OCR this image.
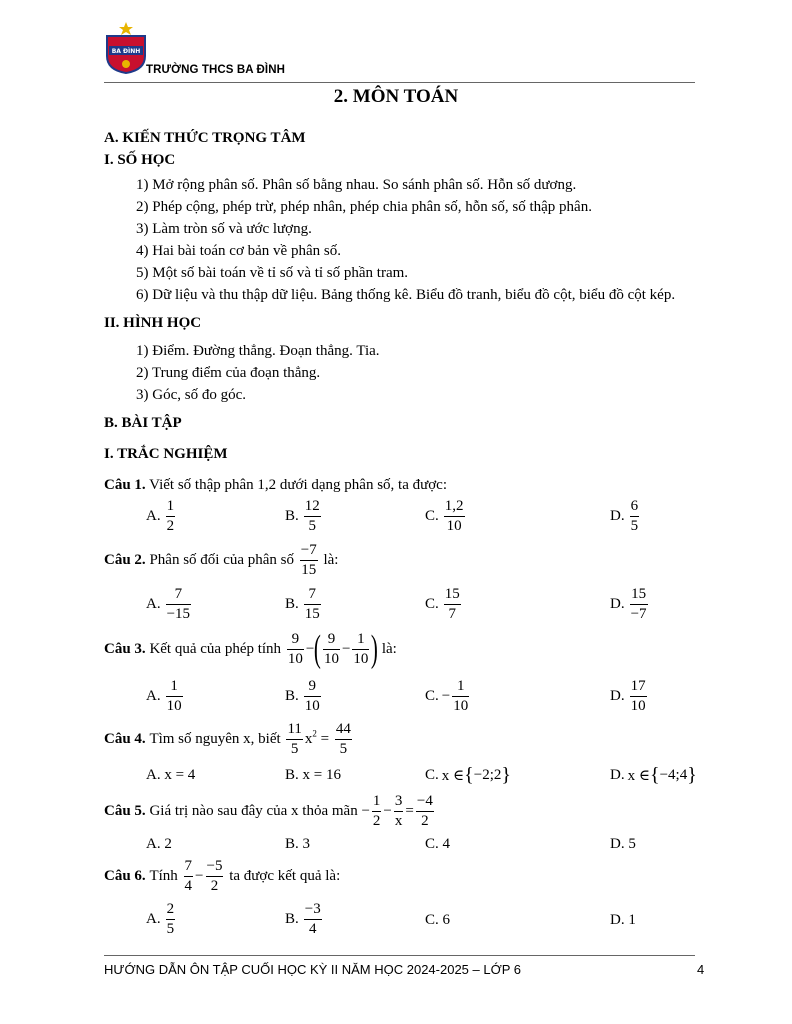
BA ĐÌNH
TRƯỜNG THCS BA ĐÌNH
2. MÔN TOÁN
A. KIẾN THỨC TRỌNG TÂM
I. SỐ HỌC
1) Mở rộng phân số. Phân số bằng nhau. So sánh phân số. Hỗn số dương.
2) Phép cộng, phép trừ, phép nhân, phép chia phân số, hỗn số, số thập phân.
3) Làm tròn số và ước lượng.
4) Hai bài toán cơ bản về phân số.
5) Một số bài toán về tỉ số và tỉ số phần tram.
6) Dữ liệu và thu thập dữ liệu. Bảng thống kê. Biểu đồ tranh, biểu đồ cột, biểu đồ cột kép.
II. HÌNH HỌC
1) Điểm. Đường thẳng. Đoạn thẳng. Tia.
2) Trung điểm của đoạn thẳng.
3) Góc, số đo góc.
B. BÀI TẬP
I. TRẮC NGHIỆM
Câu 1. Viết số thập phân 1,2 dưới dạng phân số, ta được:
A. $\frac{1}{2}$	B. $\frac{12}{5}$	C. $\frac{1,2}{10}$	D. $\frac{6}{5}$
Câu 2. Phân số đối của phân số $\frac{-7}{15}$ là:
A. $\frac{7}{-15}$	B. $\frac{7}{15}$	C. $\frac{15}{7}$	D. $\frac{15}{-7}$
Câu 3. Kết quả của phép tính $\frac{9}{10}$ −( $\frac{9}{10} - \frac{1}{10}$ ) là:
A. $\frac{1}{10}$	B. $\frac{9}{10}$	C. − $\frac{1}{10}$	D. $\frac{17}{10}$
Câu 4. Tìm số nguyên x, biết $\frac{11}{5} x^2 = \frac{44}{5}$
A. x = 4	B. x = 16	C. x ∈{−2;2}	D. x ∈{−4;4}
Câu 5. Giá trị nào sau đây của x thỏa mãn − $\frac{1}{2} - \frac{3}{x} = \frac{-4}{2}$
A. 2	B. 3	C. 4	D. 5
Câu 6. Tính $\frac{7}{4} - \frac{-5}{2}$ ta được kết quả là:
A. $\frac{2}{5}$	B. $\frac{-3}{4}$	C. 6	D. 1
HƯỚNG DẪN ÔN TẬP CUỐI HỌC KỲ II NĂM HỌC 2024-2025 – LỚP 6	4
